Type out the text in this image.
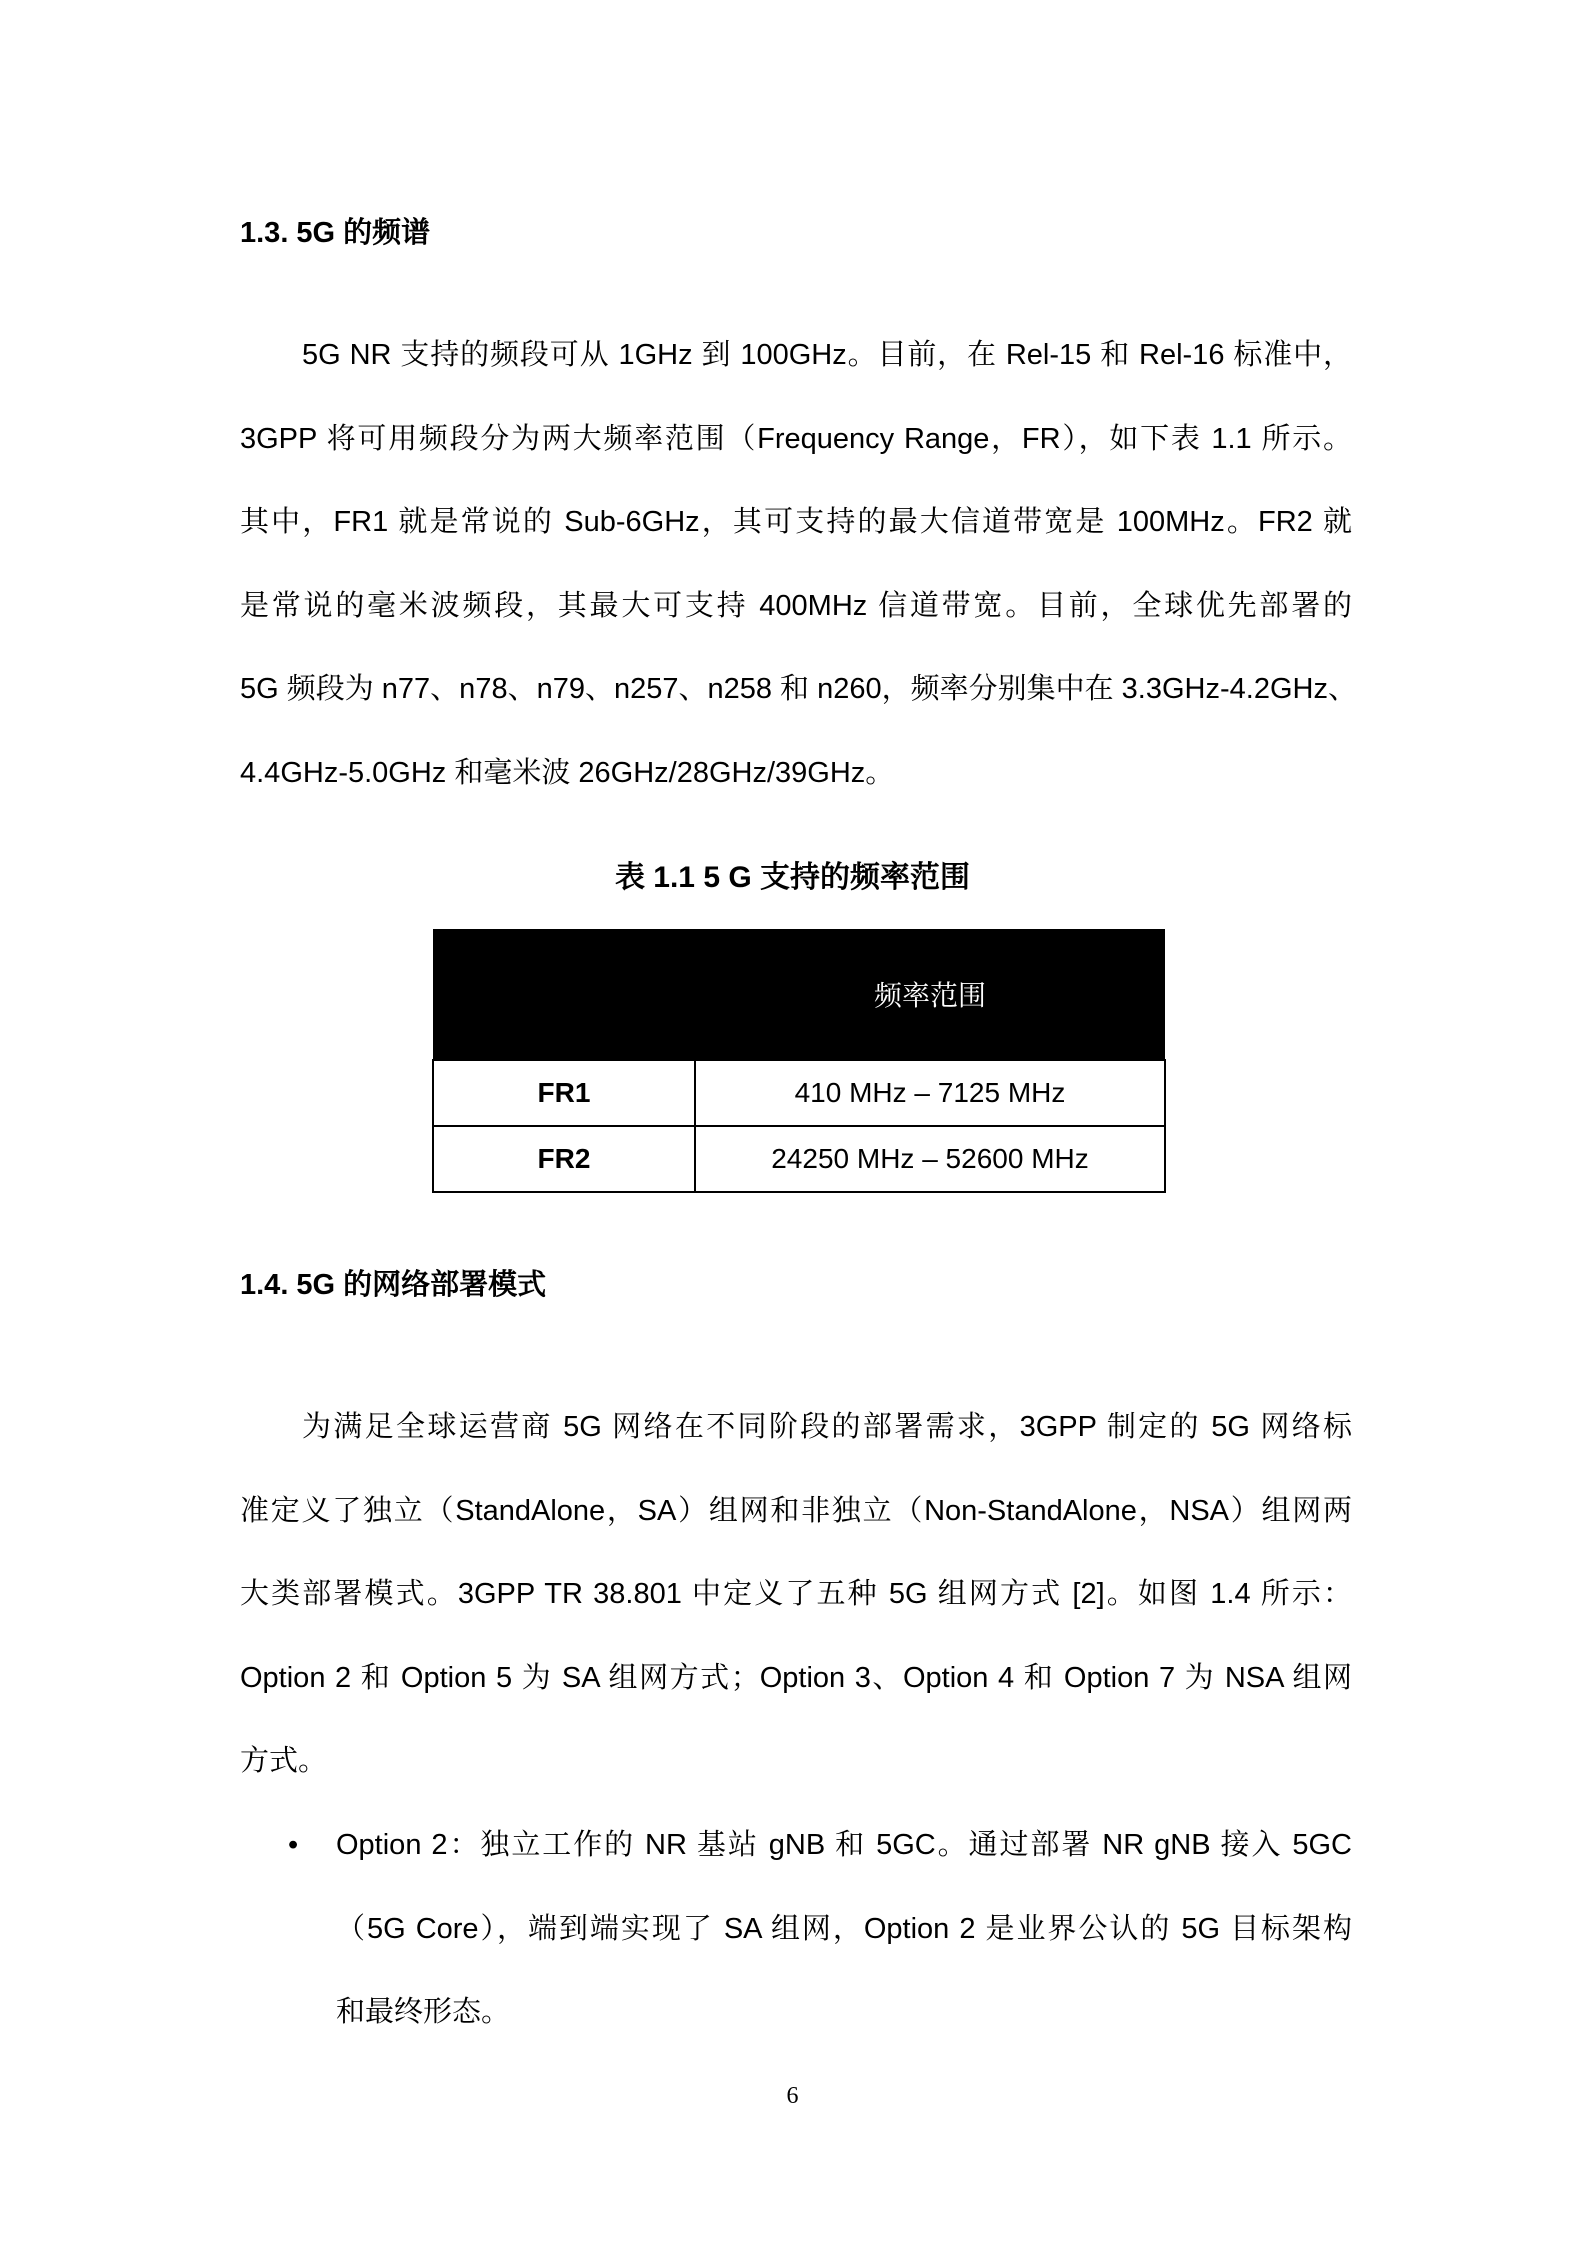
1.3. 5G 的频谱
5G NR 支持的频段可从 1GHz 到 100GHz。目前，在 Rel-15 和 Rel-16 标准中，
3GPP 将可用频段分为两大频率范围（Frequency Range，FR），如下表 1.1 所示。
其中，FR1 就是常说的 Sub-6GHz，其可支持的最大信道带宽是 100MHz。FR2 就
是常说的毫米波频段，其最大可支持 400MHz 信道带宽。目前，全球优先部署的
5G 频段为 n77、n78、n79、n257、n258 和 n260，频率分别集中在 3.3GHz-4.2GHz、
4.4GHz-5.0GHz 和毫米波 26GHz/28GHz/39GHz。
表 1.1 5 G 支持的频率范围
	频率范围
FR1	410 MHz – 7125 MHz
FR2	24250 MHz – 52600 MHz
1.4. 5G 的网络部署模式
为满足全球运营商 5G 网络在不同阶段的部署需求，3GPP 制定的 5G 网络标
准定义了独立（StandAlone，SA）组网和非独立（Non-StandAlone，NSA）组网两
大类部署模式。3GPP TR 38.801 中定义了五种 5G 组网方式 [2]。如图 1.4 所示：
Option 2 和 Option 5 为 SA 组网方式；Option 3、Option 4 和 Option 7 为 NSA 组网
方式。
• Option 2：独立工作的 NR 基站 gNB 和 5GC。通过部署 NR gNB 接入 5GC
（5G Core），端到端实现了 SA 组网，Option 2 是业界公认的 5G 目标架构
和最终形态。
6
